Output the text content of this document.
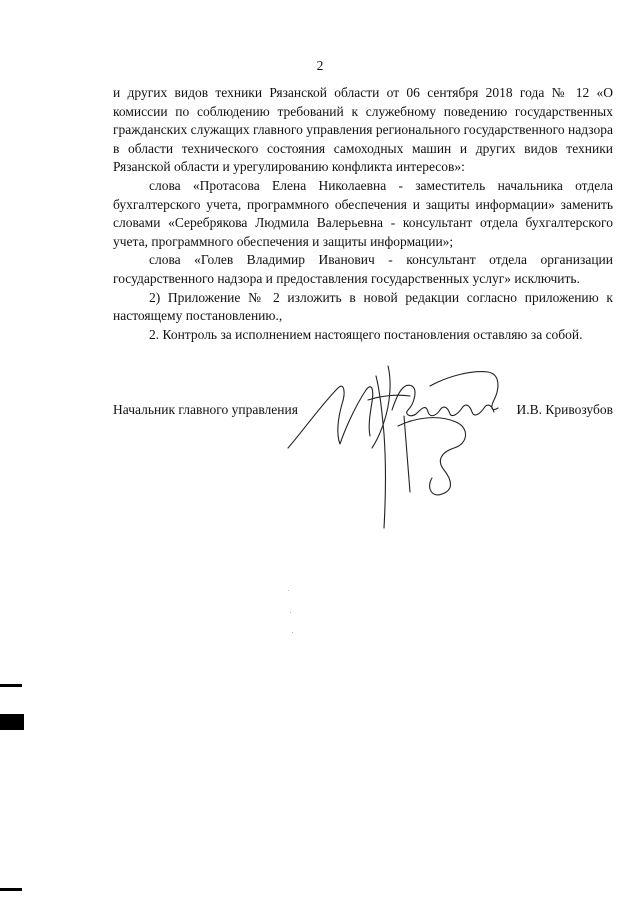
2

и других видов техники Рязанской области от 06 сентября 2018 года № 12 «О комиссии по соблюдению требований к служебному поведению государственных гражданских служащих главного управления регионального государственного надзора в области технического состояния самоходных машин и других видов техники Рязанской области и урегулированию конфликта интересов»:

слова «Протасова Елена Николаевна - заместитель начальника отдела бухгалтерского учета, программного обеспечения и защиты информации» заменить словами «Серебрякова Людмила Валерьевна - консультант отдела бухгалтерского учета, программного обеспечения и защиты информации»;

слова «Голев Владимир Иванович - консультант отдела организации государственного надзора и предоставления государственных услуг» исключить.

2) Приложение № 2 изложить в новой редакции согласно приложению к настоящему постановлению.,

2. Контроль за исполнением настоящего постановления оставляю за собой.

Начальник главного управления	И.В. Кривозубов
